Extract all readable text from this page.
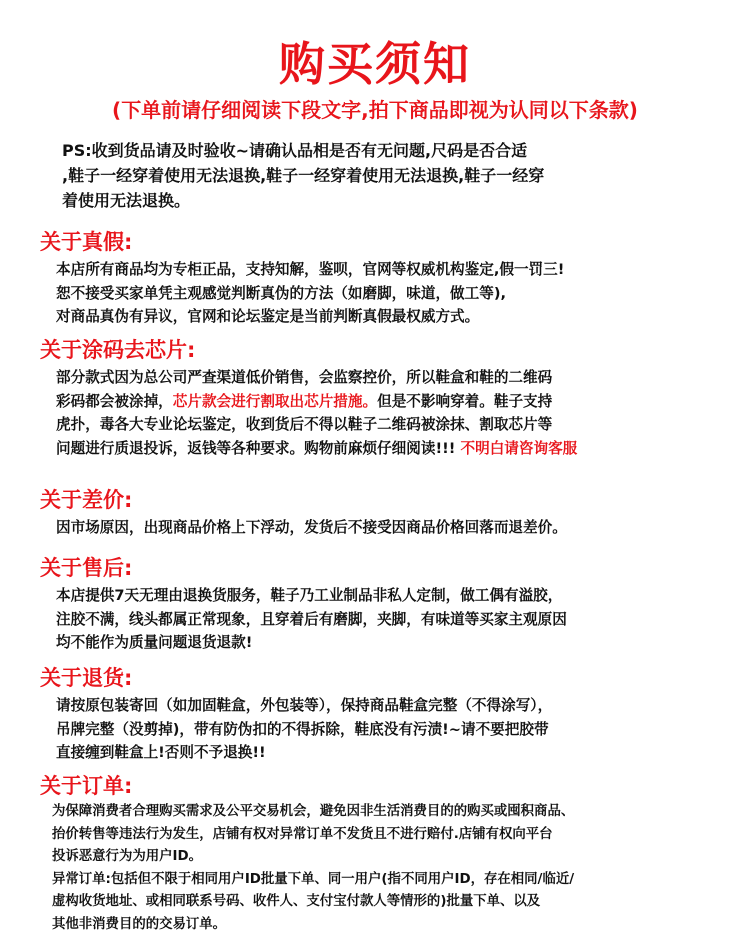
购买须知
(下单前请仔细阅读下段文字,拍下商品即视为认同以下条款)
PS:收到货品请及时验收~请确认品相是否有无问题,尺码是否合适
,鞋子一经穿着使用无法退换,鞋子一经穿着使用无法退换,鞋子一经穿
着使用无法退换。
关于真假:
本店所有商品均为专柜正品，支持知解，鉴呗，官网等权威机构鉴定,假一罚三!
恕不接受买家单凭主观感觉判断真伪的方法（如磨脚，味道，做工等),
对商品真伪有异议，官网和论坛鉴定是当前判断真假最权威方式。
关于涂码去芯片:
部分款式因为总公司严查渠道低价销售，会监察控价，所以鞋盒和鞋的二维码
彩码都会被涂掉，芯片款会进行割取出芯片措施。但是不影响穿着。鞋子支持
虎扑，毒各大专业论坛鉴定，收到货后不得以鞋子二维码被涂抹、割取芯片等
问题进行质退投诉，返钱等各种要求。购物前麻烦仔细阅读!!! 不明白请咨询客服
关于差价:
因市场原因，出现商品价格上下浮动，发货后不接受因商品价格回落而退差价。
关于售后:
本店提供7天无理由退换货服务，鞋子乃工业制品非私人定制，做工偶有溢胶，
注胶不满，线头都属正常现象，且穿着后有磨脚，夹脚，有味道等买家主观原因
均不能作为质量问题退货退款!
关于退货:
请按原包装寄回（如加固鞋盒，外包装等），保持商品鞋盒完整（不得涂写），
吊牌完整（没剪掉)，带有防伪扣的不得拆除，鞋底没有污渍!~请不要把胶带
直接缠到鞋盒上!否则不予退换!!
关于订单:
为保障消费者合理购买需求及公平交易机会，避免因非生活消费目的的购买或囤积商品、
抬价转售等违法行为发生，店铺有权对异常订单不发货且不进行赔付.店铺有权向平台
投诉恶意行为为用户ID。
异常订单:包括但不限于相同用户ID批量下单、同一用户(指不同用户ID，存在相同/临近/
虚构收货地址、或相同联系号码、收件人、支付宝付款人等情形的)批量下单、以及
其他非消费目的的交易订单。
